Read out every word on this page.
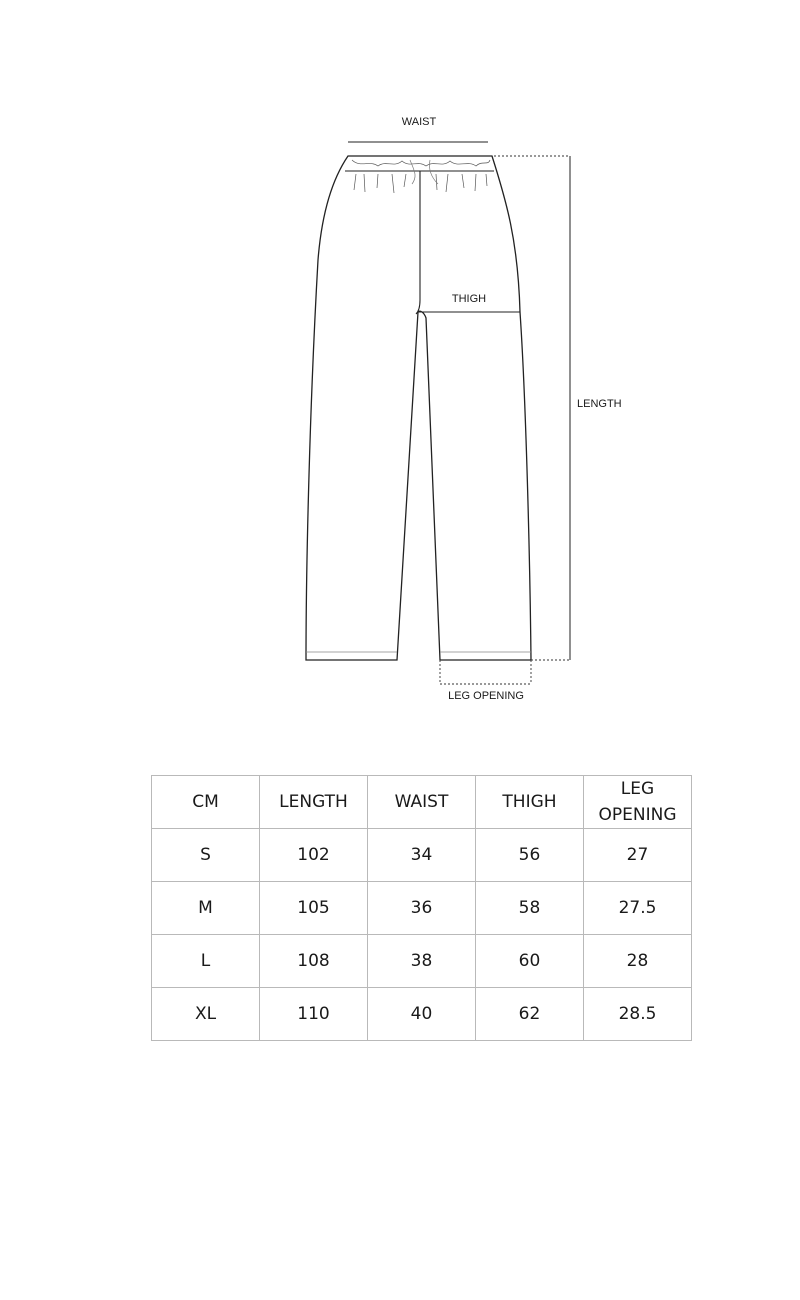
WAIST
THIGH
LENGTH
LEG OPENING
CM	LENGTH	WAIST	THIGH	LEG
OPENING

S	102	34	56	27
M	105	36	58	27.5
L	108	38	60	28
XL	110	40	62	28.5
